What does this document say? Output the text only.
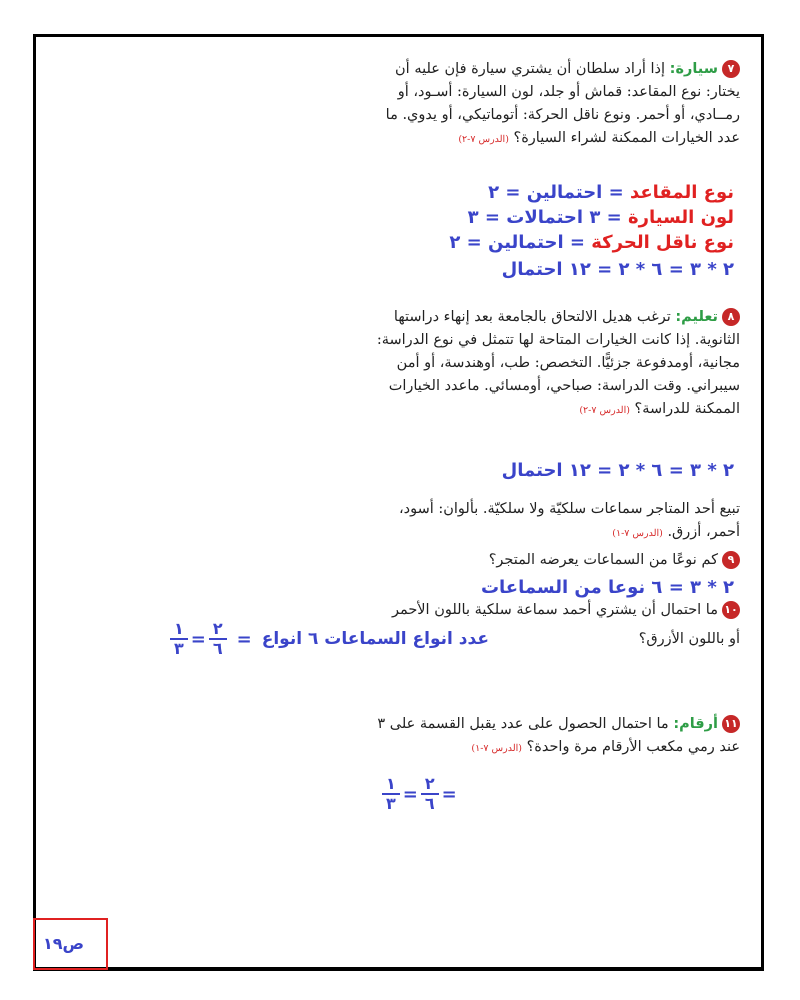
٧سيارة: إذا أراد سلطان أن يشتري سيارة فإن عليه أن يختار: نوع المقاعد: قماش أو جلد، لون السيارة: أسـود، أو رمــادي، أو أحمر. ونوع ناقل الحركة: أتوماتيكي، أو يدوي. ما عدد الخيارات الممكنة لشراء السيارة؟ (الدرس ٧-٢)
نوع المقاعد = احتمالين = ٢
لون السيارة = ٣ احتمالات = ٣
نوع ناقل الحركة = احتمالين = ٢
٢ * ٣ = ٦ * ٢ = ١٢ احتمال
٨تعليم: ترغب هديل الالتحاق بالجامعة بعد إنهاء دراستها الثانوية. إذا كانت الخيارات المتاحة لها تتمثل في نوع الدراسة: مجانية، أومدفوعة جزئيًّا. التخصص: طب، أوهندسة، أو أمن سيبراني. وقت الدراسة: صباحي، أومسائي. ماعدد الخيارات الممكنة للدراسة؟ (الدرس ٧-٢)
٢ * ٣ = ٦ * ٢ = ١٢ احتمال
تبيع أحد المتاجر سماعات سلكيّة ولا سلكيّة. بألوان: أسود، أحمر، أزرق. (الدرس ٧-١)
٩كم نوعًا من السماعات يعرضه المتجر؟
٢ * ٣ = ٦ نوعا من السماعات
١٠ما احتمال أن يشتري أحمد سماعة سلكية باللون الأحمر
أو باللون الأزرق؟
$\frac{١}{٣} = \frac{٢}{٦}$ = عدد انواع السماعات ٦ انواع
١١أرقام: ما احتمال الحصول على عدد يقبل القسمة على ٣ عند رمي مكعب الأرقام مرة واحدة؟ (الدرس ٧-١)
$\frac{١}{٣} = \frac{٢}{٦}$ =
ص١٩
